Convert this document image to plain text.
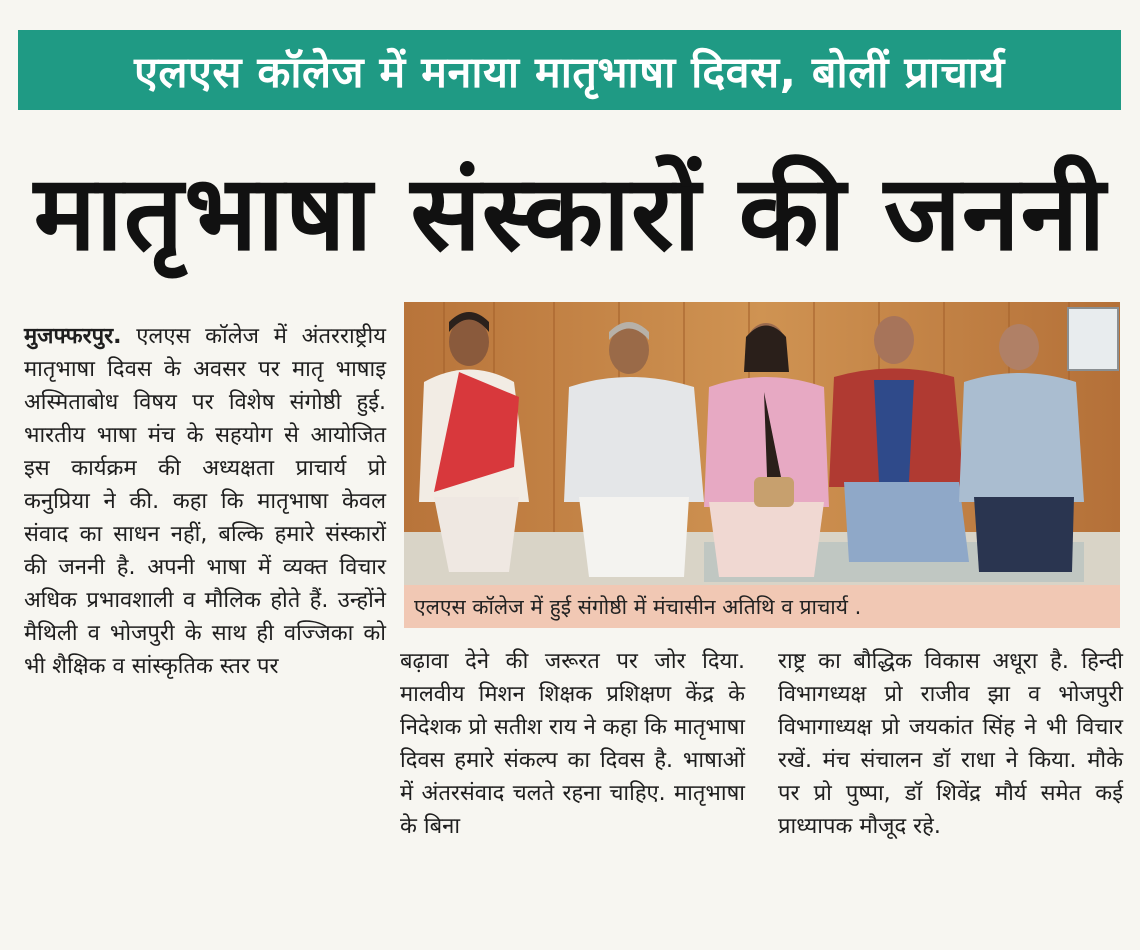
एलएस कॉलेज में मनाया मातृभाषा दिवस, बोलीं प्राचार्य
मातृभाषा संस्कारों की जननी
मुजफ्फरपुर. एलएस कॉलेज में अंतरराष्ट्रीय मातृभाषा दिवस के अवसर पर मातृ भाषाइ अस्मिताबोध विषय पर विशेष संगोष्ठी हुई. भारतीय भाषा मंच के सहयोग से आयोजित इस कार्यक्रम की अध्यक्षता प्राचार्य प्रो कनुप्रिया ने की. कहा कि मातृभाषा केवल संवाद का साधन नहीं, बल्कि हमारे संस्कारों की जननी है. अपनी भाषा में व्यक्त विचार अधिक प्रभावशाली व मौलिक होते हैं. उन्होंने मैथिली व भोजपुरी के साथ ही वज्जिका को भी शैक्षिक व सांस्कृतिक स्तर पर
एलएस कॉलेज में हुई संगोष्ठी में मंचासीन अतिथि व प्राचार्य .
बढ़ावा देने की जरूरत पर जोर दिया. मालवीय मिशन शिक्षक प्रशिक्षण केंद्र के निदेशक प्रो सतीश राय ने कहा कि मातृभाषा दिवस हमारे संकल्प का दिवस है. भाषाओं में अंतरसंवाद चलते रहना चाहिए. मातृभाषा के बिना
राष्ट्र का बौद्धिक विकास अधूरा है. हिन्दी विभागध्यक्ष प्रो राजीव झा व भोजपुरी विभागाध्यक्ष प्रो जयकांत सिंह ने भी विचार रखें. मंच संचालन डॉ राधा ने किया. मौके पर प्रो पुष्पा, डॉ शिवेंद्र मौर्य समेत कई प्राध्यापक मौजूद रहे.
